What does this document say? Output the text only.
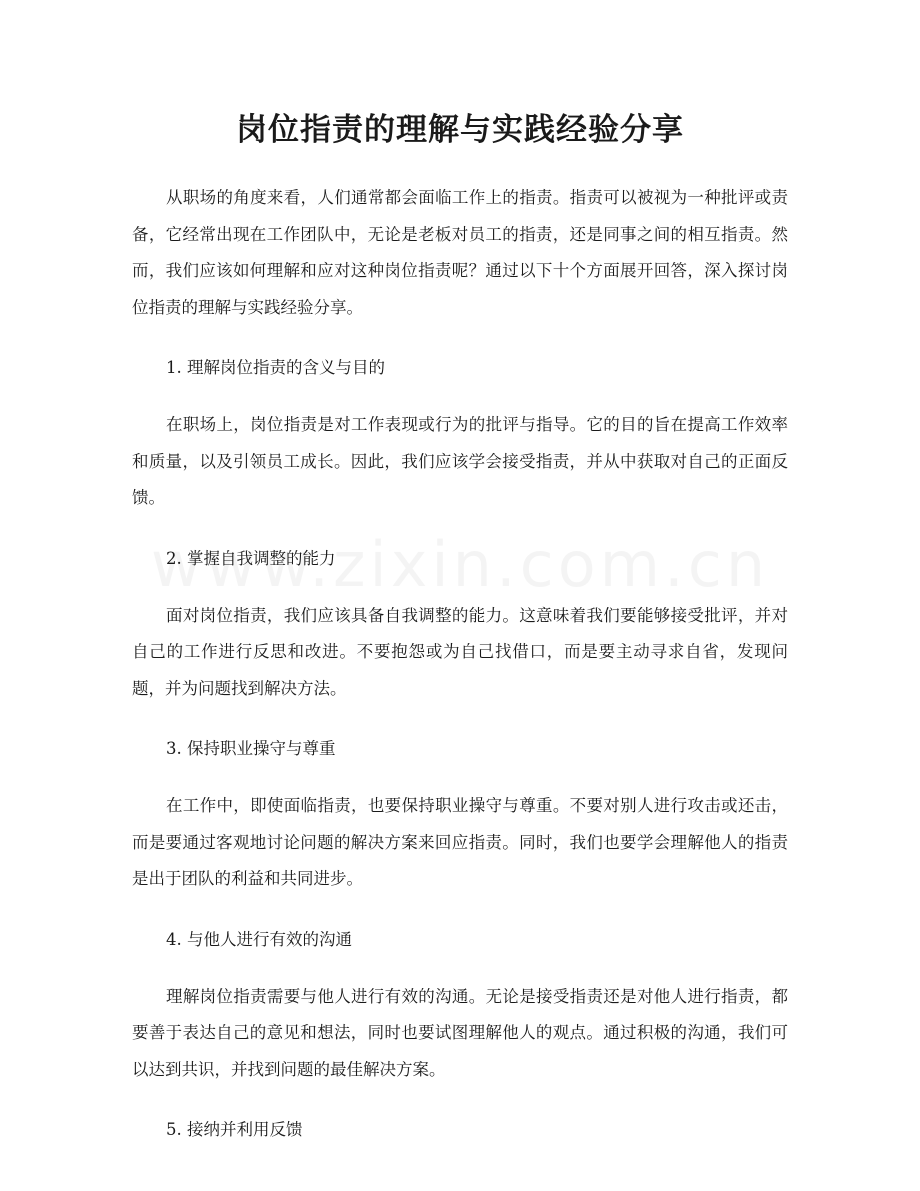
岗位指责的理解与实践经验分享

从职场的角度来看，人们通常都会面临工作上的指责。指责可以被视为一种批评或责备，它经常出现在工作团队中，无论是老板对员工的指责，还是同事之间的相互指责。然而，我们应该如何理解和应对这种岗位指责呢？通过以下十个方面展开回答，深入探讨岗位指责的理解与实践经验分享。

1. 理解岗位指责的含义与目的

在职场上，岗位指责是对工作表现或行为的批评与指导。它的目的旨在提高工作效率和质量，以及引领员工成长。因此，我们应该学会接受指责，并从中获取对自己的正面反馈。

2. 掌握自我调整的能力

面对岗位指责，我们应该具备自我调整的能力。这意味着我们要能够接受批评，并对自己的工作进行反思和改进。不要抱怨或为自己找借口，而是要主动寻求自省，发现问题，并为问题找到解决方法。

3. 保持职业操守与尊重

在工作中，即使面临指责，也要保持职业操守与尊重。不要对别人进行攻击或还击，而是要通过客观地讨论问题的解决方案来回应指责。同时，我们也要学会理解他人的指责是出于团队的利益和共同进步。

4. 与他人进行有效的沟通

理解岗位指责需要与他人进行有效的沟通。无论是接受指责还是对他人进行指责，都要善于表达自己的意见和想法，同时也要试图理解他人的观点。通过积极的沟通，我们可以达到共识，并找到问题的最佳解决方案。

5. 接纳并利用反馈
